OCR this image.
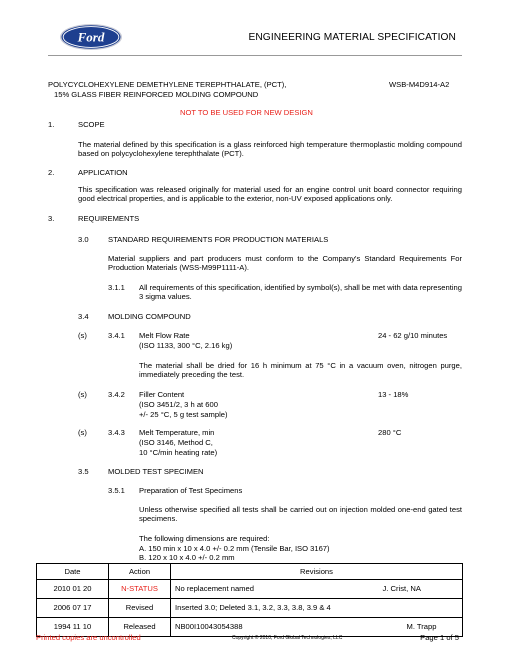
Ford	ENGINEERING MATERIAL SPECIFICATION
POLYCYCLOHEXYLENE DEMETHYLENE TEREPHTHALATE, (PCT),
15% GLASS FIBER REINFORCED MOLDING COMPOUND
WSB-M4D914-A2
NOT TO BE USED FOR NEW DESIGN
1.	SCOPE
The material defined by this specification is a glass reinforced high temperature thermoplastic molding compound based on polycyclohexylene terephthalate (PCT).
2.	APPLICATION
This specification was released originally for material used for an engine control unit board connector requiring good electrical properties, and is applicable to the exterior, non-UV exposed applications only.
3.	REQUIREMENTS
3.0	STANDARD REQUIREMENTS FOR PRODUCTION MATERIALS
Material suppliers and part producers must conform to the Company's Standard Requirements For Production Materials (WSS-M99P1111-A).
3.1.1 All requirements of this specification, identified by symbol(s), shall be met with data representing 3 sigma values.
3.4	MOLDING COMPOUND
(s)	3.4.1 Melt Flow Rate
(ISO 1133, 300 °C, 2.16 kg)
24 - 62 g/10 minutes
The material shall be dried for 16 h minimum at 75 °C in a vacuum oven, nitrogen purge, immediately preceding the test.
(s)	3.4.2 Filler Content
(ISO 3451/2, 3 h at 600
+/- 25 °C, 5 g test sample)
13 - 18%
(s)	3.4.3 Melt Temperature, min
(ISO 3146, Method C,
10 °C/min heating rate)
280 °C
3.5	MOLDED TEST SPECIMEN
3.5.1 Preparation of Test Specimens
Unless otherwise specified all tests shall be carried out on injection molded one-end gated test specimens.
The following dimensions are required:
A. 150 min x 10 x 4.0 +/- 0.2 mm (Tensile Bar, ISO 3167)
B. 120 x 10 x 4.0 +/- 0.2 mm
Date	Action	Revisions
2010 01 20	N-STATUS	No replacement named J. Crist, NA

2006 07 17	Revised	Inserted 3.0; Deleted 3.1, 3.2, 3.3, 3.8, 3.9 & 4
1994 11 10	Released	NB00I10043054388 M. Trapp
Printed copies are uncontrolled	Copyright © 2010, Ford Global Technologies, LLC	Page 1 of 5
